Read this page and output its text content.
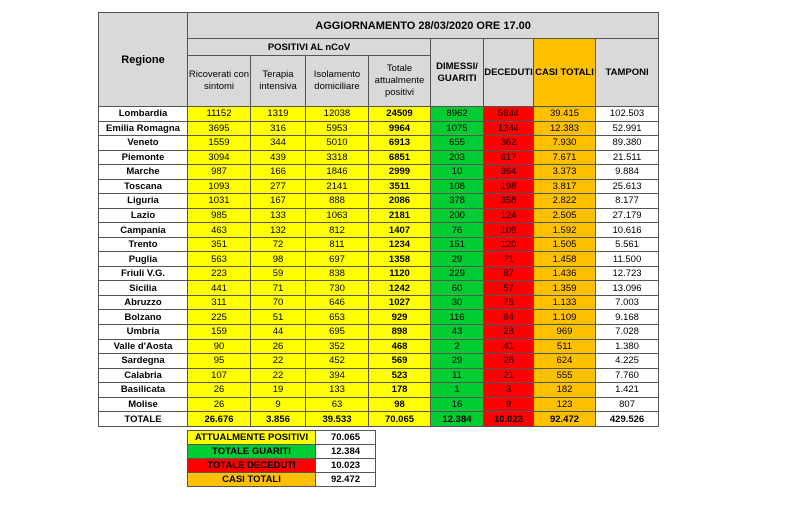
Regione	AGGIORNAMENTO 28/03/2020 ORE 17.00							
	POSITIVI AL nCoV				DIMESSI/ GUARITI	DECEDUTI	CASI TOTALI	TAMPONI
	Ricoverati con sintomi	Terapia intensiva	Isolamento domiciliare	Totale attualmente positivi				
Lombardia	11152	1319	12038	24509	8962	5944	39.415	102.503
Emilia Romagna	3695	316	5953	9964	1075	1344	12.383	52.991
Veneto	1559	344	5010	6913	655	362	7.930	89.380
Piemonte	3094	439	3318	6851	203	617	7.671	21.511
Marche	987	166	1846	2999	10	364	3.373	9.884
Toscana	1093	277	2141	3511	108	198	3.817	25.613
Liguria	1031	167	888	2086	378	358	2.822	8.177
Lazio	985	133	1063	2181	200	124	2.505	27.179
Campania	463	132	812	1407	76	109	1.592	10.616
Trento	351	72	811	1234	151	120	1.505	5.561
Puglia	563	98	697	1358	29	71	1.458	11.500
Friuli V.G.	223	59	838	1120	229	87	1.436	12.723
Sicilia	441	71	730	1242	60	57	1.359	13.096
Abruzzo	311	70	646	1027	30	76	1.133	7.003
Bolzano	225	51	653	929	116	64	1.109	9.168
Umbria	159	44	695	898	43	28	969	7.028
Valle d'Aosta	90	26	352	468	2	41	511	1.380
Sardegna	95	22	452	569	29	26	624	4.225
Calabria	107	22	394	523	11	21	555	7.760
Basilicata	26	19	133	178	1	3	182	1.421
Molise	26	9	63	98	16	9	123	807
TOTALE	26.676	3.856	39.533	70.065	12.384	10.023	92.472	429.526
ATTUALMENTE POSITIVI	70.065
TOTALE GUARITI	12.384
TOTALE DECEDUTI	10.023
CASI TOTALI	92.472
